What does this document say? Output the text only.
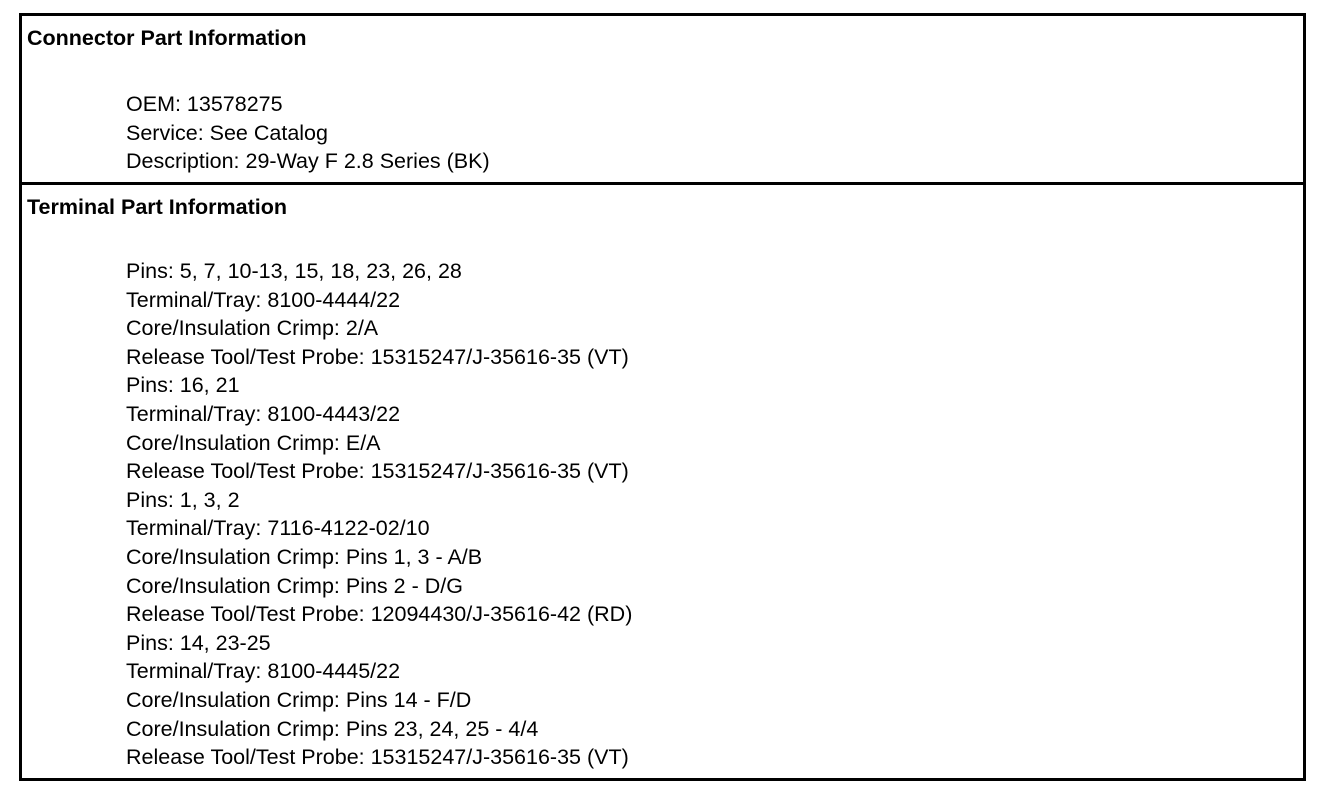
Connector Part Information
OEM: 13578275
Service: See Catalog
Description: 29-Way F 2.8 Series (BK)
Terminal Part Information
Pins: 5, 7, 10-13, 15, 18, 23, 26, 28
Terminal/Tray: 8100-4444/22
Core/Insulation Crimp: 2/A
Release Tool/Test Probe: 15315247/J-35616-35 (VT)
Pins: 16, 21
Terminal/Tray: 8100-4443/22
Core/Insulation Crimp: E/A
Release Tool/Test Probe: 15315247/J-35616-35 (VT)
Pins: 1, 3, 2
Terminal/Tray: 7116-4122-02/10
Core/Insulation Crimp: Pins 1, 3 - A/B
Core/Insulation Crimp: Pins 2 - D/G
Release Tool/Test Probe: 12094430/J-35616-42 (RD)
Pins: 14, 23-25
Terminal/Tray: 8100-4445/22
Core/Insulation Crimp: Pins 14 - F/D
Core/Insulation Crimp: Pins 23, 24, 25 - 4/4
Release Tool/Test Probe: 15315247/J-35616-35 (VT)
